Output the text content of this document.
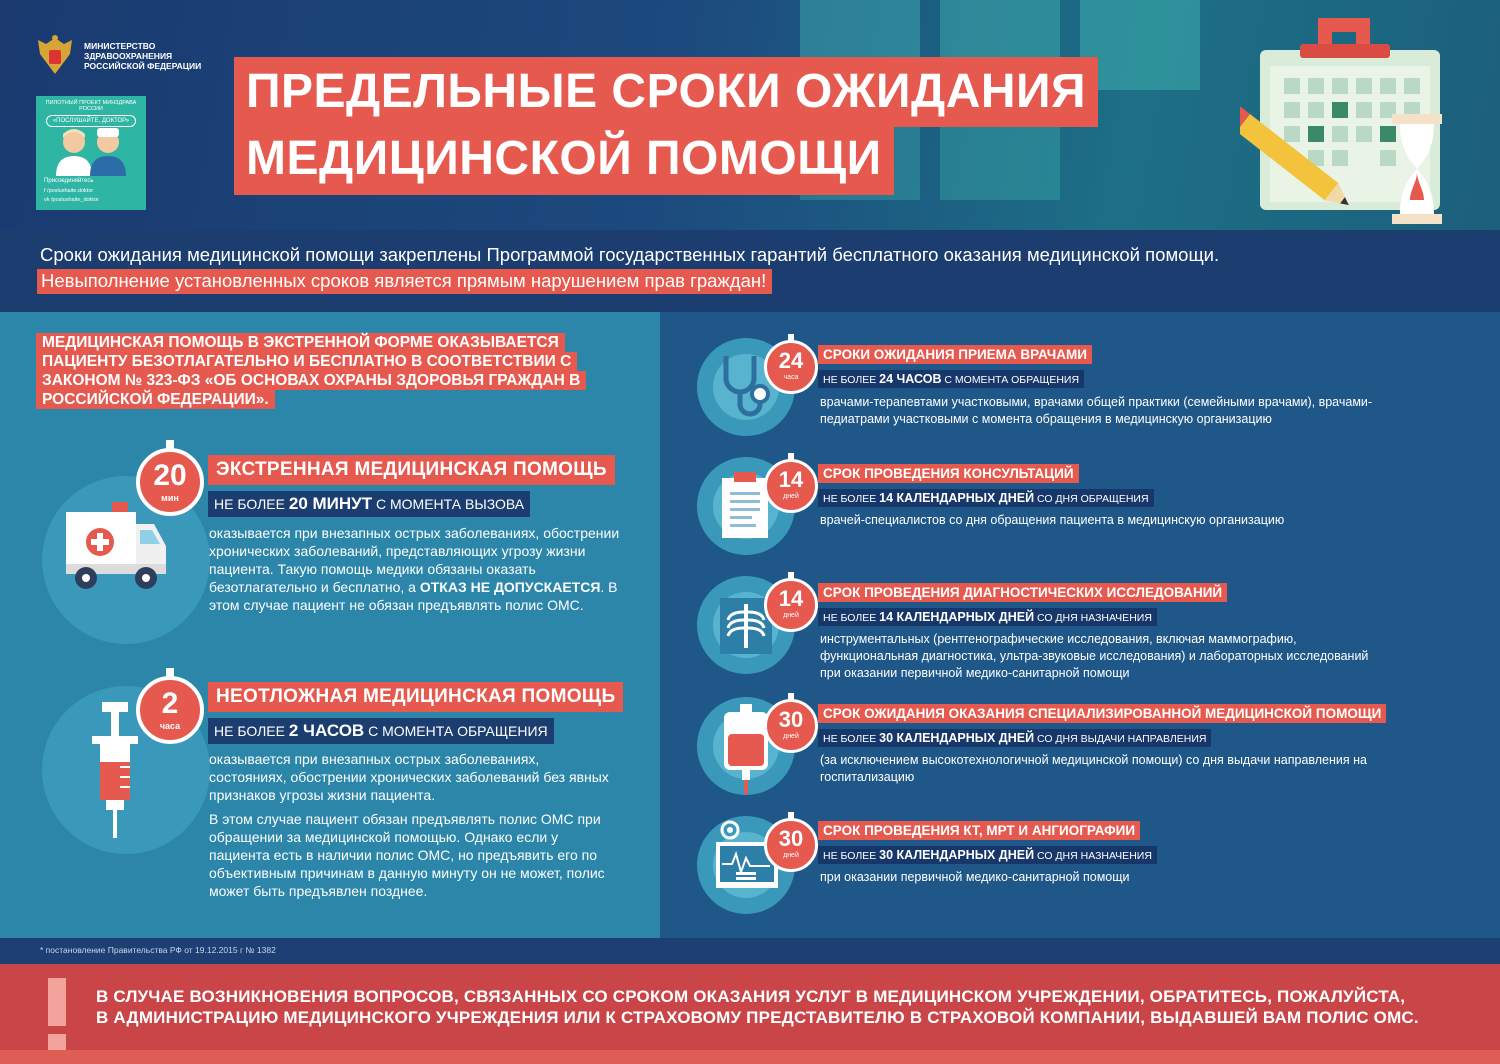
МИНИСТЕРСТВО
ЗДРАВООХРАНЕНИЯ
РОССИЙСКОЙ ФЕДЕРАЦИИ
ПИЛОТНЫЙ ПРОЕКТ МИНЗДРАВА РОССИИ
«ПОСЛУШАЙТЕ, ДОКТОР»
Присоединяйтесь
f /poslushaite.doktor
vk /poslushaite_doktor
ПРЕДЕЛЬНЫЕ СРОКИ ОЖИДАНИЯ
МЕДИЦИНСКОЙ ПОМОЩИ
Сроки ожидания медицинской помощи закреплены Программой государственных гарантий бесплатного оказания медицинской помощи.
Невыполнение установленных сроков является прямым нарушением прав граждан!
МЕДИЦИНСКАЯ ПОМОЩЬ В ЭКСТРЕННОЙ ФОРМЕ ОКАЗЫВАЕТСЯ ПАЦИЕНТУ БЕЗОТЛАГАТЕЛЬНО И БЕСПЛАТНО В СООТВЕТСТВИИ С ЗАКОНОМ № 323-ФЗ «ОБ ОСНОВАХ ОХРАНЫ ЗДОРОВЬЯ ГРАЖДАН В РОССИЙСКОЙ ФЕДЕРАЦИИ».
20
мин
ЭКСТРЕННАЯ МЕДИЦИНСКАЯ ПОМОЩЬ
НЕ БОЛЕЕ 20 МИНУТ С МОМЕНТА ВЫЗОВА
оказывается при внезапных острых заболеваниях, обострении хронических заболеваний, представляющих угрозу жизни пациента. Такую помощь медики обязаны оказать безотлагательно и бесплатно, а ОТКАЗ НЕ ДОПУСКАЕТСЯ. В этом случае пациент не обязан предъявлять полис ОМС.
2
часа
НЕОТЛОЖНАЯ МЕДИЦИНСКАЯ ПОМОЩЬ
НЕ БОЛЕЕ 2 ЧАСОВ С МОМЕНТА ОБРАЩЕНИЯ
оказывается при внезапных острых заболеваниях, состояниях, обострении хронических заболеваний без явных признаков угрозы жизни пациента.
В этом случае пациент обязан предъявлять полис ОМС при обращении за медицинской помощью. Однако если у пациента есть в наличии полис ОМС, но предъявить его по объективным причинам в данную минуту он не может, полис может быть предъявлен позднее.
24
часа
СРОКИ ОЖИДАНИЯ ПРИЕМА ВРАЧАМИ
НЕ БОЛЕЕ 24 ЧАСОВ С МОМЕНТА ОБРАЩЕНИЯ
врачами-терапевтами участковыми, врачами общей практики (семейными врачами), врачами-педиатрами участковыми с момента обращения в медицинскую организацию
14
дней
СРОК ПРОВЕДЕНИЯ КОНСУЛЬТАЦИЙ
НЕ БОЛЕЕ 14 КАЛЕНДАРНЫХ ДНЕЙ СО ДНЯ ОБРАЩЕНИЯ
врачей-специалистов со дня обращения пациента в медицинскую организацию
14
дней
СРОК ПРОВЕДЕНИЯ ДИАГНОСТИЧЕСКИХ ИССЛЕДОВАНИЙ
НЕ БОЛЕЕ 14 КАЛЕНДАРНЫХ ДНЕЙ СО ДНЯ НАЗНАЧЕНИЯ
инструментальных (рентгенографические исследования, включая маммографию, функциональная диагностика, ультра-звуковые исследования) и лабораторных исследований при оказании первичной медико-санитарной помощи
30
дней
СРОК ОЖИДАНИЯ ОКАЗАНИЯ СПЕЦИАЛИЗИРОВАННОЙ МЕДИЦИНСКОЙ ПОМОЩИ
НЕ БОЛЕЕ 30 КАЛЕНДАРНЫХ ДНЕЙ СО ДНЯ ВЫДАЧИ НАПРАВЛЕНИЯ
(за исключением высокотехнологичной медицинской помощи) со дня выдачи направления на госпитализацию
30
дней
СРОК ПРОВЕДЕНИЯ КТ, МРТ И АНГИОГРАФИИ
НЕ БОЛЕЕ 30 КАЛЕНДАРНЫХ ДНЕЙ СО ДНЯ НАЗНАЧЕНИЯ
при оказании первичной медико-санитарной помощи
* постановление Правительства РФ от 19.12.2015 г № 1382
В СЛУЧАЕ ВОЗНИКНОВЕНИЯ ВОПРОСОВ, СВЯЗАННЫХ СО СРОКОМ ОКАЗАНИЯ УСЛУГ В МЕДИЦИНСКОМ УЧРЕЖДЕНИИ, ОБРАТИТЕСЬ, ПОЖАЛУЙСТА,
В АДМИНИСТРАЦИЮ МЕДИЦИНСКОГО УЧРЕЖДЕНИЯ ИЛИ К СТРАХОВОМУ ПРЕДСТАВИТЕЛЮ В СТРАХОВОЙ КОМПАНИИ, ВЫДАВШЕЙ ВАМ ПОЛИС ОМС.
